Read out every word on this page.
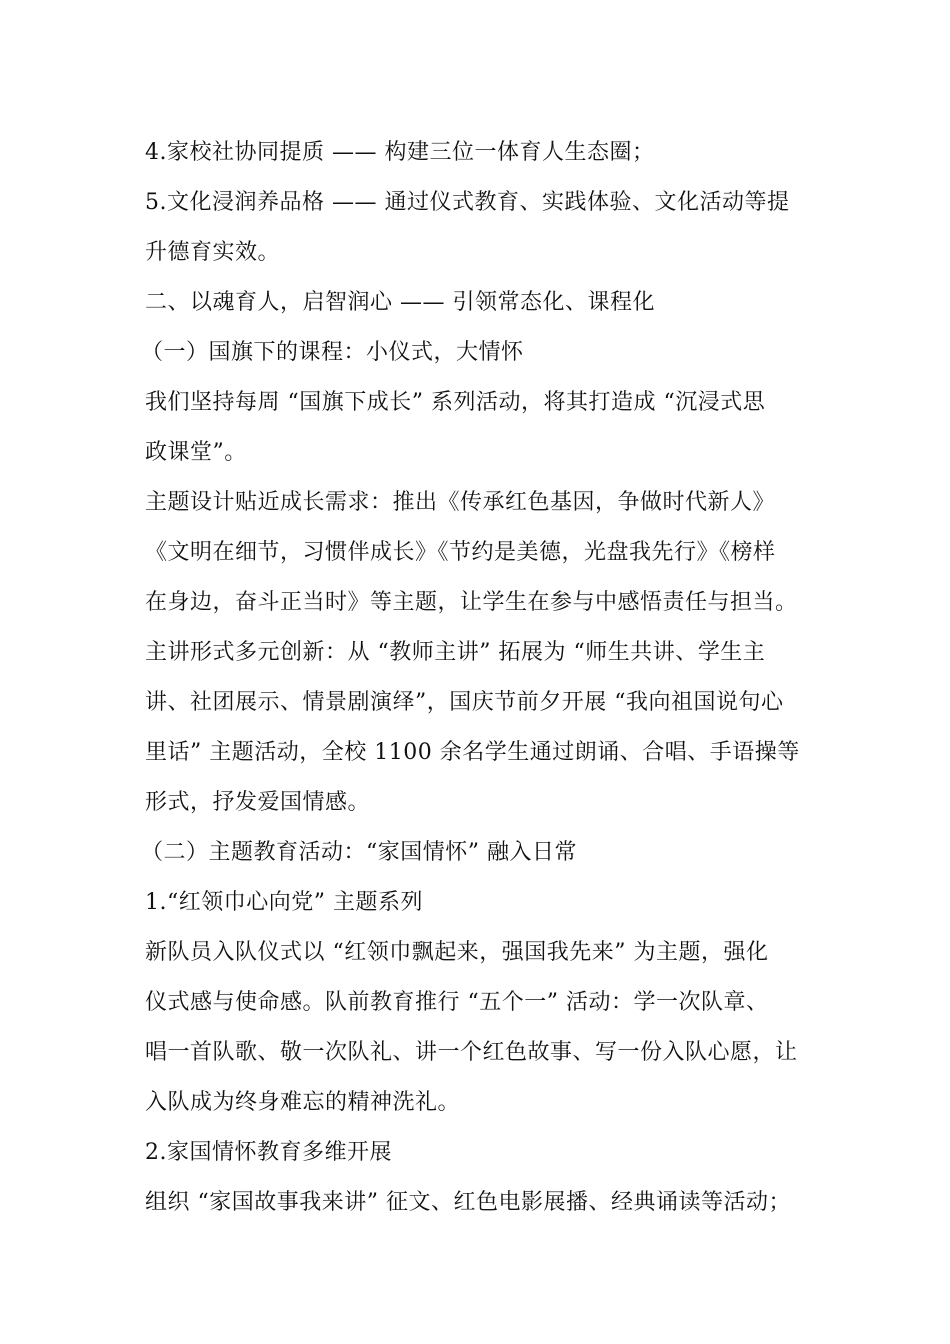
4.家校社协同提质 —— 构建三位一体育人生态圈；

5.文化浸润养品格 —— 通过仪式教育、实践体验、文化活动等提

升德育实效。

二、以魂育人，启智润心 —— 引领常态化、课程化

（一）国旗下的课程：小仪式，大情怀

我们坚持每周 “国旗下成长” 系列活动，将其打造成 “沉浸式思

政课堂”。

主题设计贴近成长需求：推出《传承红色基因，争做时代新人》

《文明在细节，习惯伴成长》《节约是美德，光盘我先行》《榜样

在身边，奋斗正当时》等主题，让学生在参与中感悟责任与担当。

主讲形式多元创新：从 “教师主讲” 拓展为 “师生共讲、学生主

讲、社团展示、情景剧演绎”，国庆节前夕开展 “我向祖国说句心

里话” 主题活动，全校 1100 余名学生通过朗诵、合唱、手语操等

形式，抒发爱国情感。

（二）主题教育活动：“家国情怀” 融入日常

1.“红领巾心向党” 主题系列

新队员入队仪式以 “红领巾飘起来，强国我先来” 为主题，强化

仪式感与使命感。队前教育推行 “五个一” 活动：学一次队章、

唱一首队歌、敬一次队礼、讲一个红色故事、写一份入队心愿，让

入队成为终身难忘的精神洗礼。

2.家国情怀教育多维开展

组织 “家国故事我来讲” 征文、红色电影展播、经典诵读等活动；
